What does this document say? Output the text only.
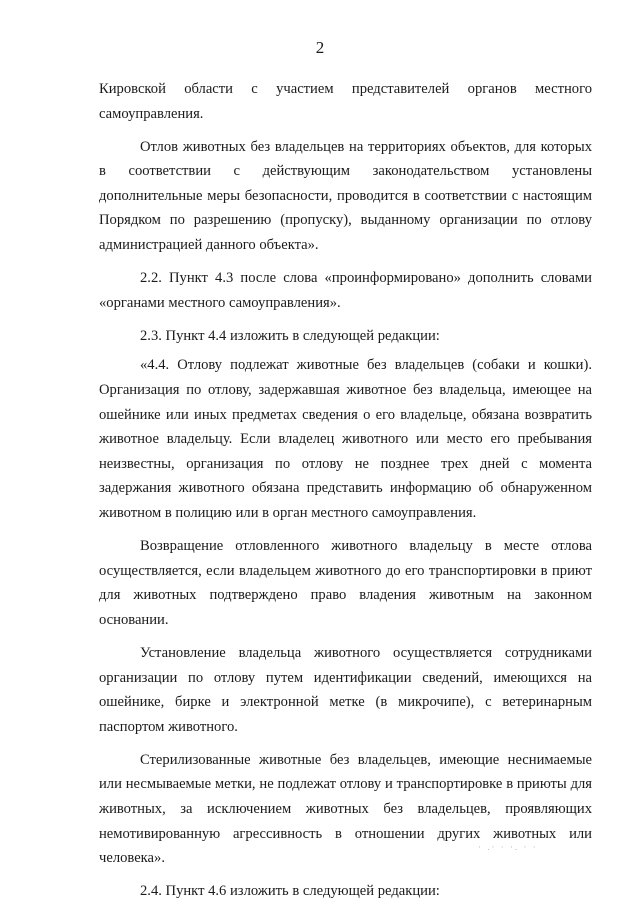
2

Кировской области с участием представителей органов местного самоуправления.

Отлов животных без владельцев на территориях объектов, для которых в соответствии с действующим законодательством установлены дополнительные меры безопасности, проводится в соответствии с настоящим Порядком по разрешению (пропуску), выданному организации по отлову администрацией данного объекта».

2.2. Пункт 4.3 после слова «проинформировано» дополнить словами «органами местного самоуправления».

2.3. Пункт 4.4 изложить в следующей редакции:

«4.4. Отлову подлежат животные без владельцев (собаки и кошки). Организация по отлову, задержавшая животное без владельца, имеющее на ошейнике или иных предметах сведения о его владельце, обязана возвратить животное владельцу. Если владелец животного или место его пребывания неизвестны, организация по отлову не позднее трех дней с момента задержания животного обязана представить информацию об обнаруженном животном в полицию или в орган местного самоуправления.

Возвращение отловленного животного владельцу в месте отлова осуществляется, если владельцем животного до его транспортировки в приют для животных подтверждено право владения животным на законном основании.

Установление владельца животного осуществляется сотрудниками организации по отлову путем идентификации сведений, имеющихся на ошейнике, бирке и электронной метке (в микрочипе), с ветеринарным паспортом животного.

Стерилизованные животные без владельцев, имеющие неснимаемые или несмываемые метки, не подлежат отлову и транспортировке в приюты для животных, за исключением животных без владельцев, проявляющих немотивированную агрессивность в отношении других животных или человека».

2.4. Пункт 4.6 изложить в следующей редакции:

· .· · ·. · ·
